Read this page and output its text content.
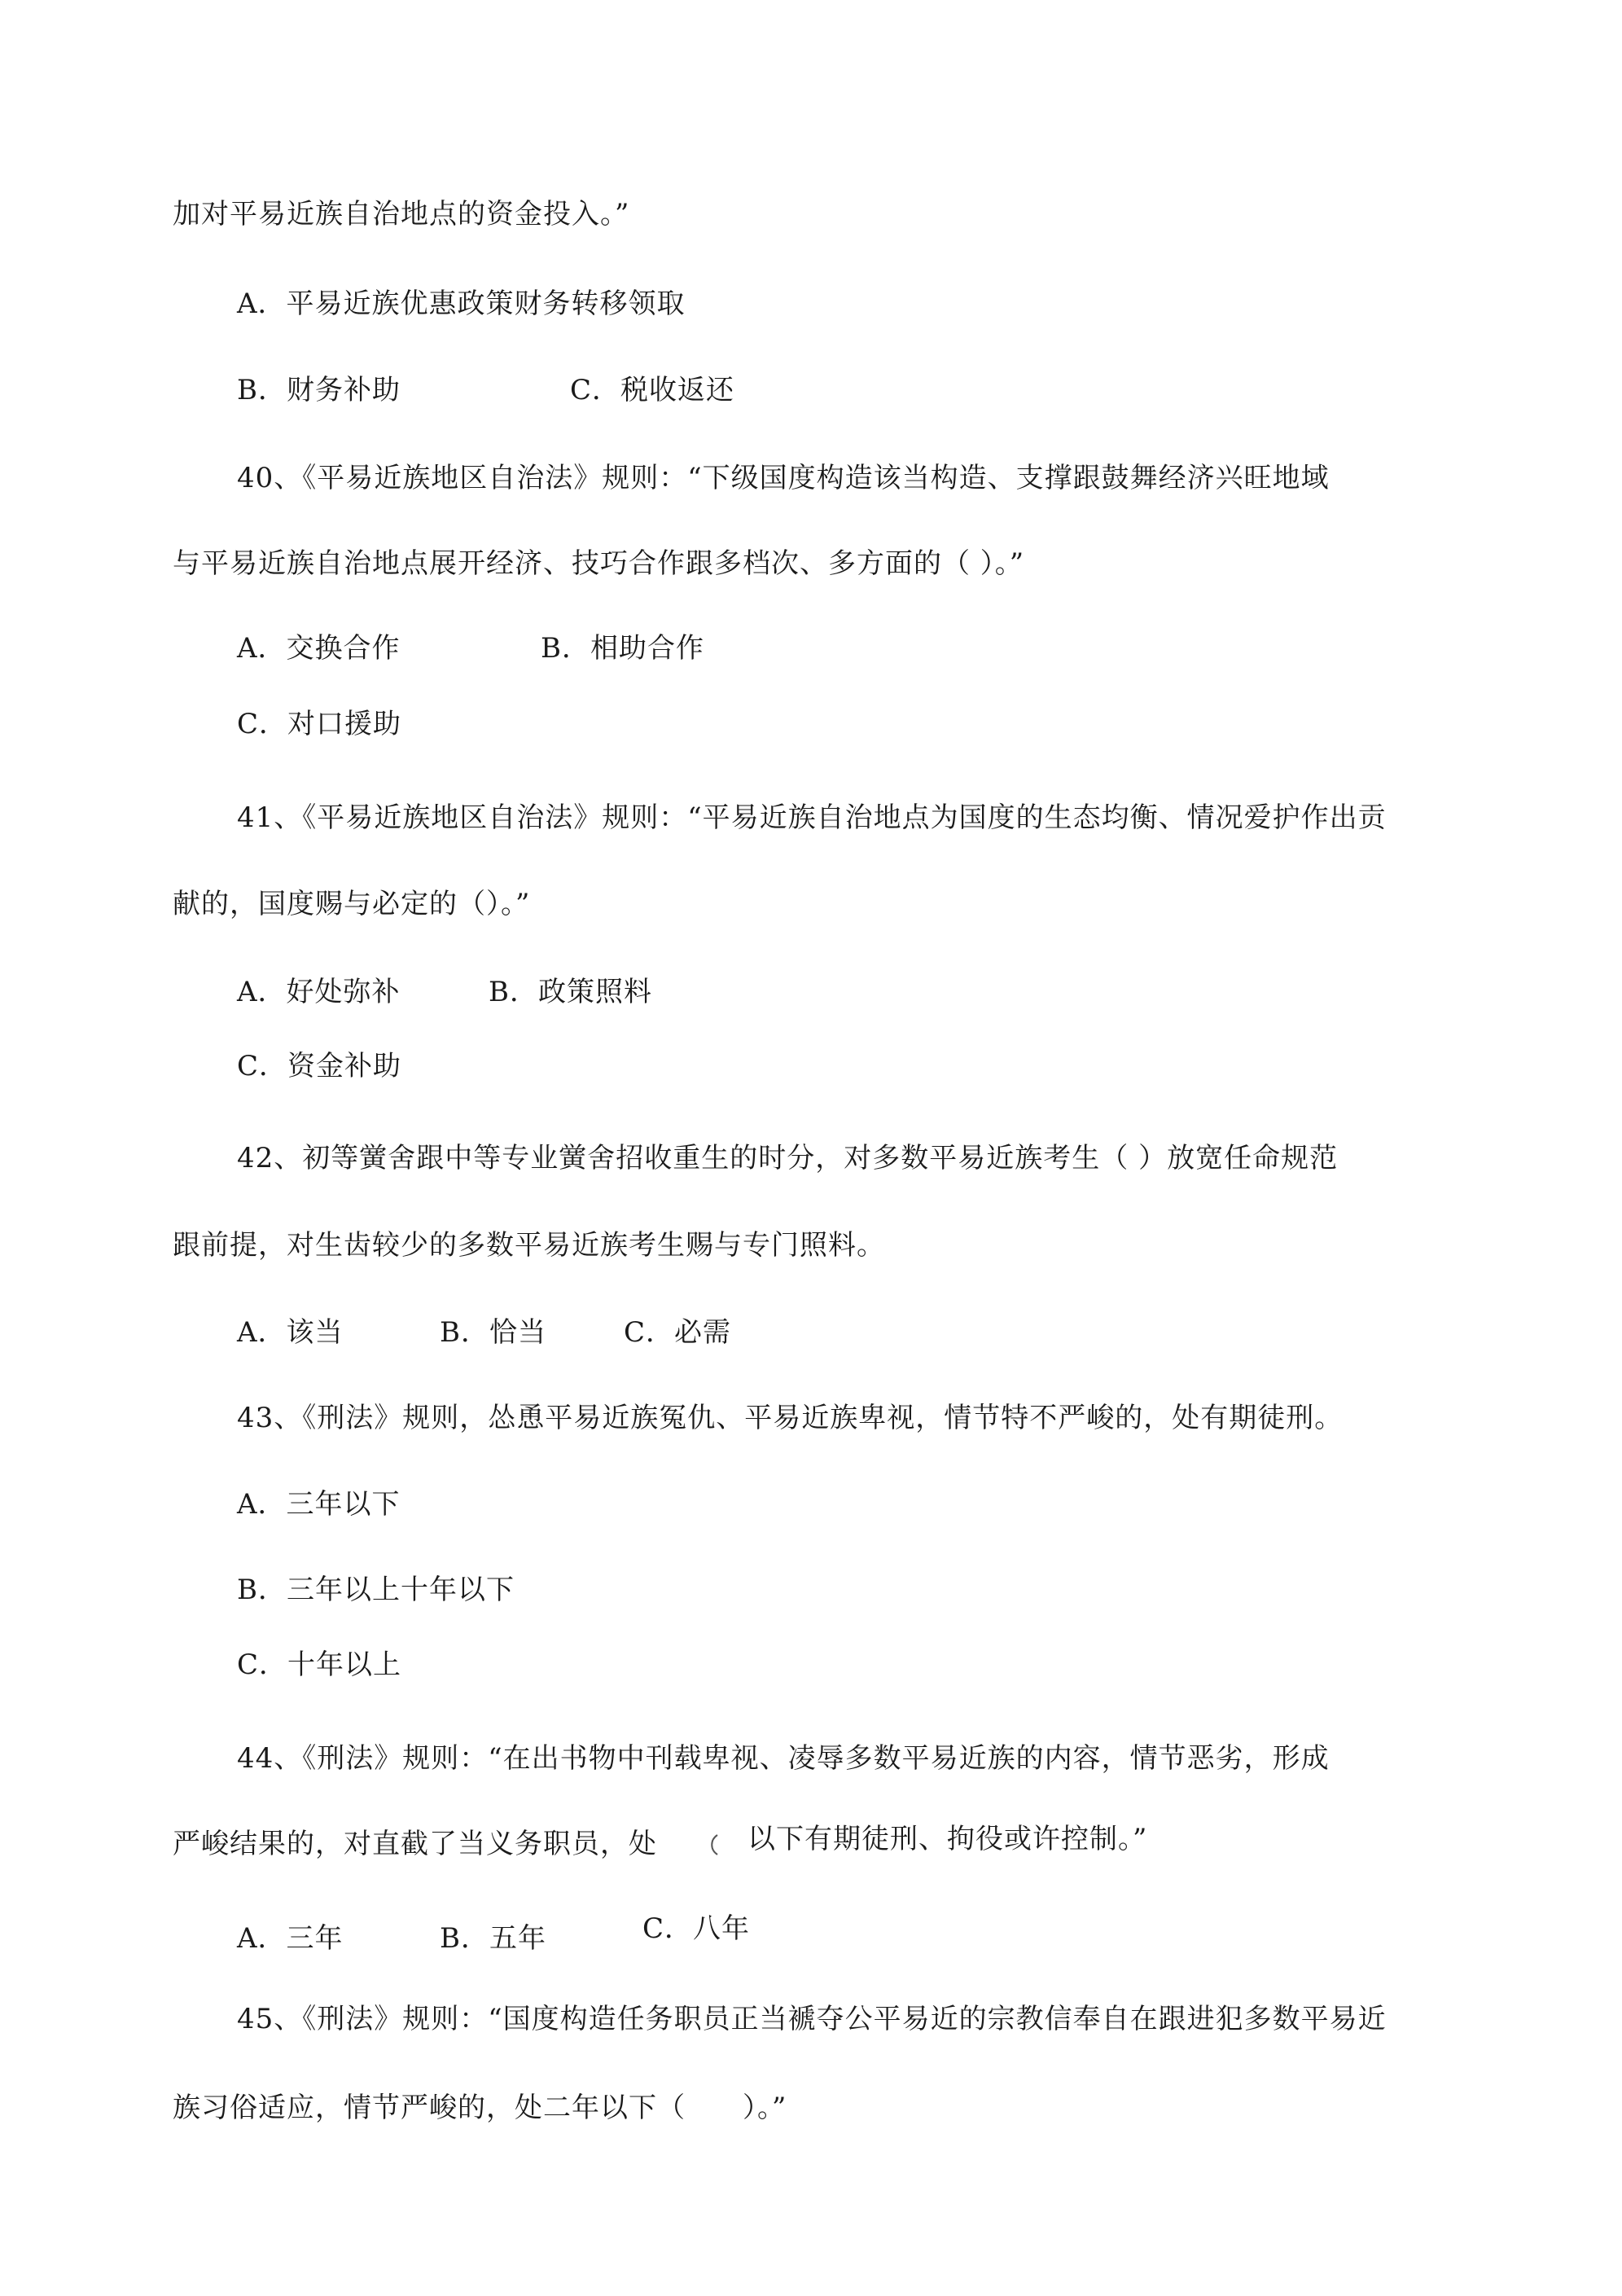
加对平易近族自治地点的资金投入。”
A．平易近族优惠政策财务转移领取
B．财务补助	C．税收返还
40、《平易近族地区自治法》规则：“下级国度构造该当构造、支撑跟鼓舞经济兴旺地域
与平易近族自治地点展开经济、技巧合作跟多档次、多方面的（ ）。”
A．交换合作	B．相助合作
C．对口援助
41、《平易近族地区自治法》规则：“平易近族自治地点为国度的生态均衡、情况爱护作出贡
献的，国度赐与必定的（）。”
A．好处弥补	B．政策照料
C．资金补助
42、初等黉舍跟中等专业黉舍招收重生的时分，对多数平易近族考生（ ）放宽任命规范
跟前提，对生齿较少的多数平易近族考生赐与专门照料。
A．该当	B．恰当	C．必需
43、《刑法》规则，怂恿平易近族冤仇、平易近族卑视，情节特不严峻的，处有期徒刑。
A．三年以下
B．三年以上十年以下
C．十年以上
44、《刑法》规则：“在出书物中刊载卑视、凌辱多数平易近族的内容，情节恶劣，形成
严峻结果的，对直截了当义务职员，处	以下有期徒刑、拘役或许控制。”
A．三年	B．五年	C．八年
45、《刑法》规则：“国度构造任务职员正当褫夺公平易近的宗教信奉自在跟进犯多数平易近
族习俗适应，情节严峻的，处二年以下（　　）。”
